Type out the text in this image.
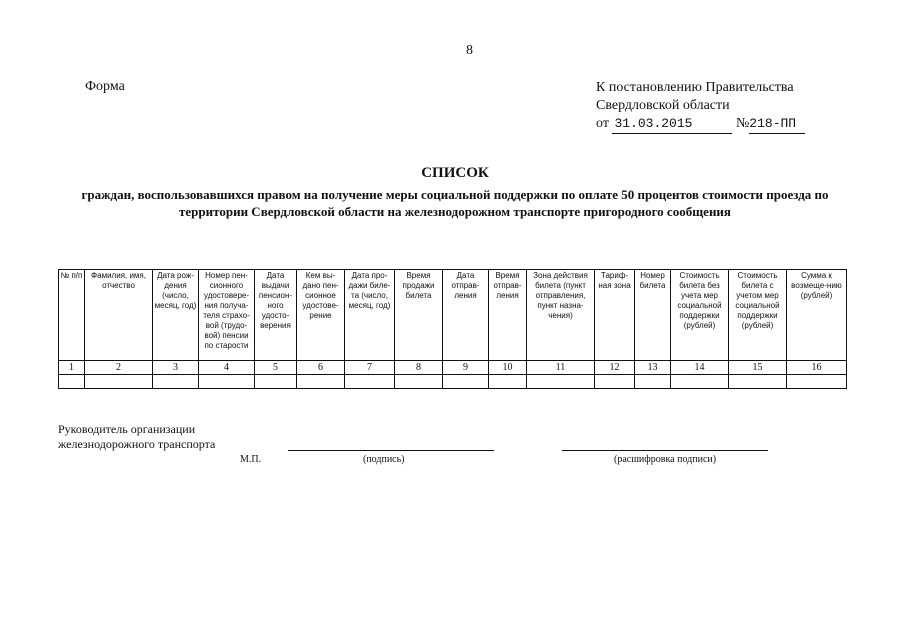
8
Форма	К постановлению Правительства
Свердловской области
от 31.03.2015	№218-ПП
СПИСОК
граждан, воспользовавшихся правом на получение меры социальной поддержки по оплате 50 процентов стоимости проезда по территории Свердловской области на железнодорожном транспорте пригородного сообщения
№ п/п	Фамилия, имя, отчество	Дата рож-дения (число, месяц, год)	Номер пен-сионного удостовере-ния получа-теля страхо-вой (трудо-вой) пенсии по старости	Дата выдачи пенсион-ного удосто-верения	Кем вы-дано пен-сионное удостове-рение	Дата про-дажи биле-та (число, месяц, год)	Время продажи билета	Дата отправ-ления	Время отправ-ления	Зона действия билета (пункт отправления, пункт назна-чения)	Тариф-ная зона	Номер билета	Стоимость билета без учета мер социальной поддержки (рублей)	Стоимость билета с учетом мер социальной поддержки (рублей)	Сумма к возмеще-нию (рублей)
1	2	3	4	5	6	7	8	9	10	11	12	13	14	15	16

Руководитель организации
железнодорожного транспорта
М.П.	(подпись)	(расшифровка подписи)
